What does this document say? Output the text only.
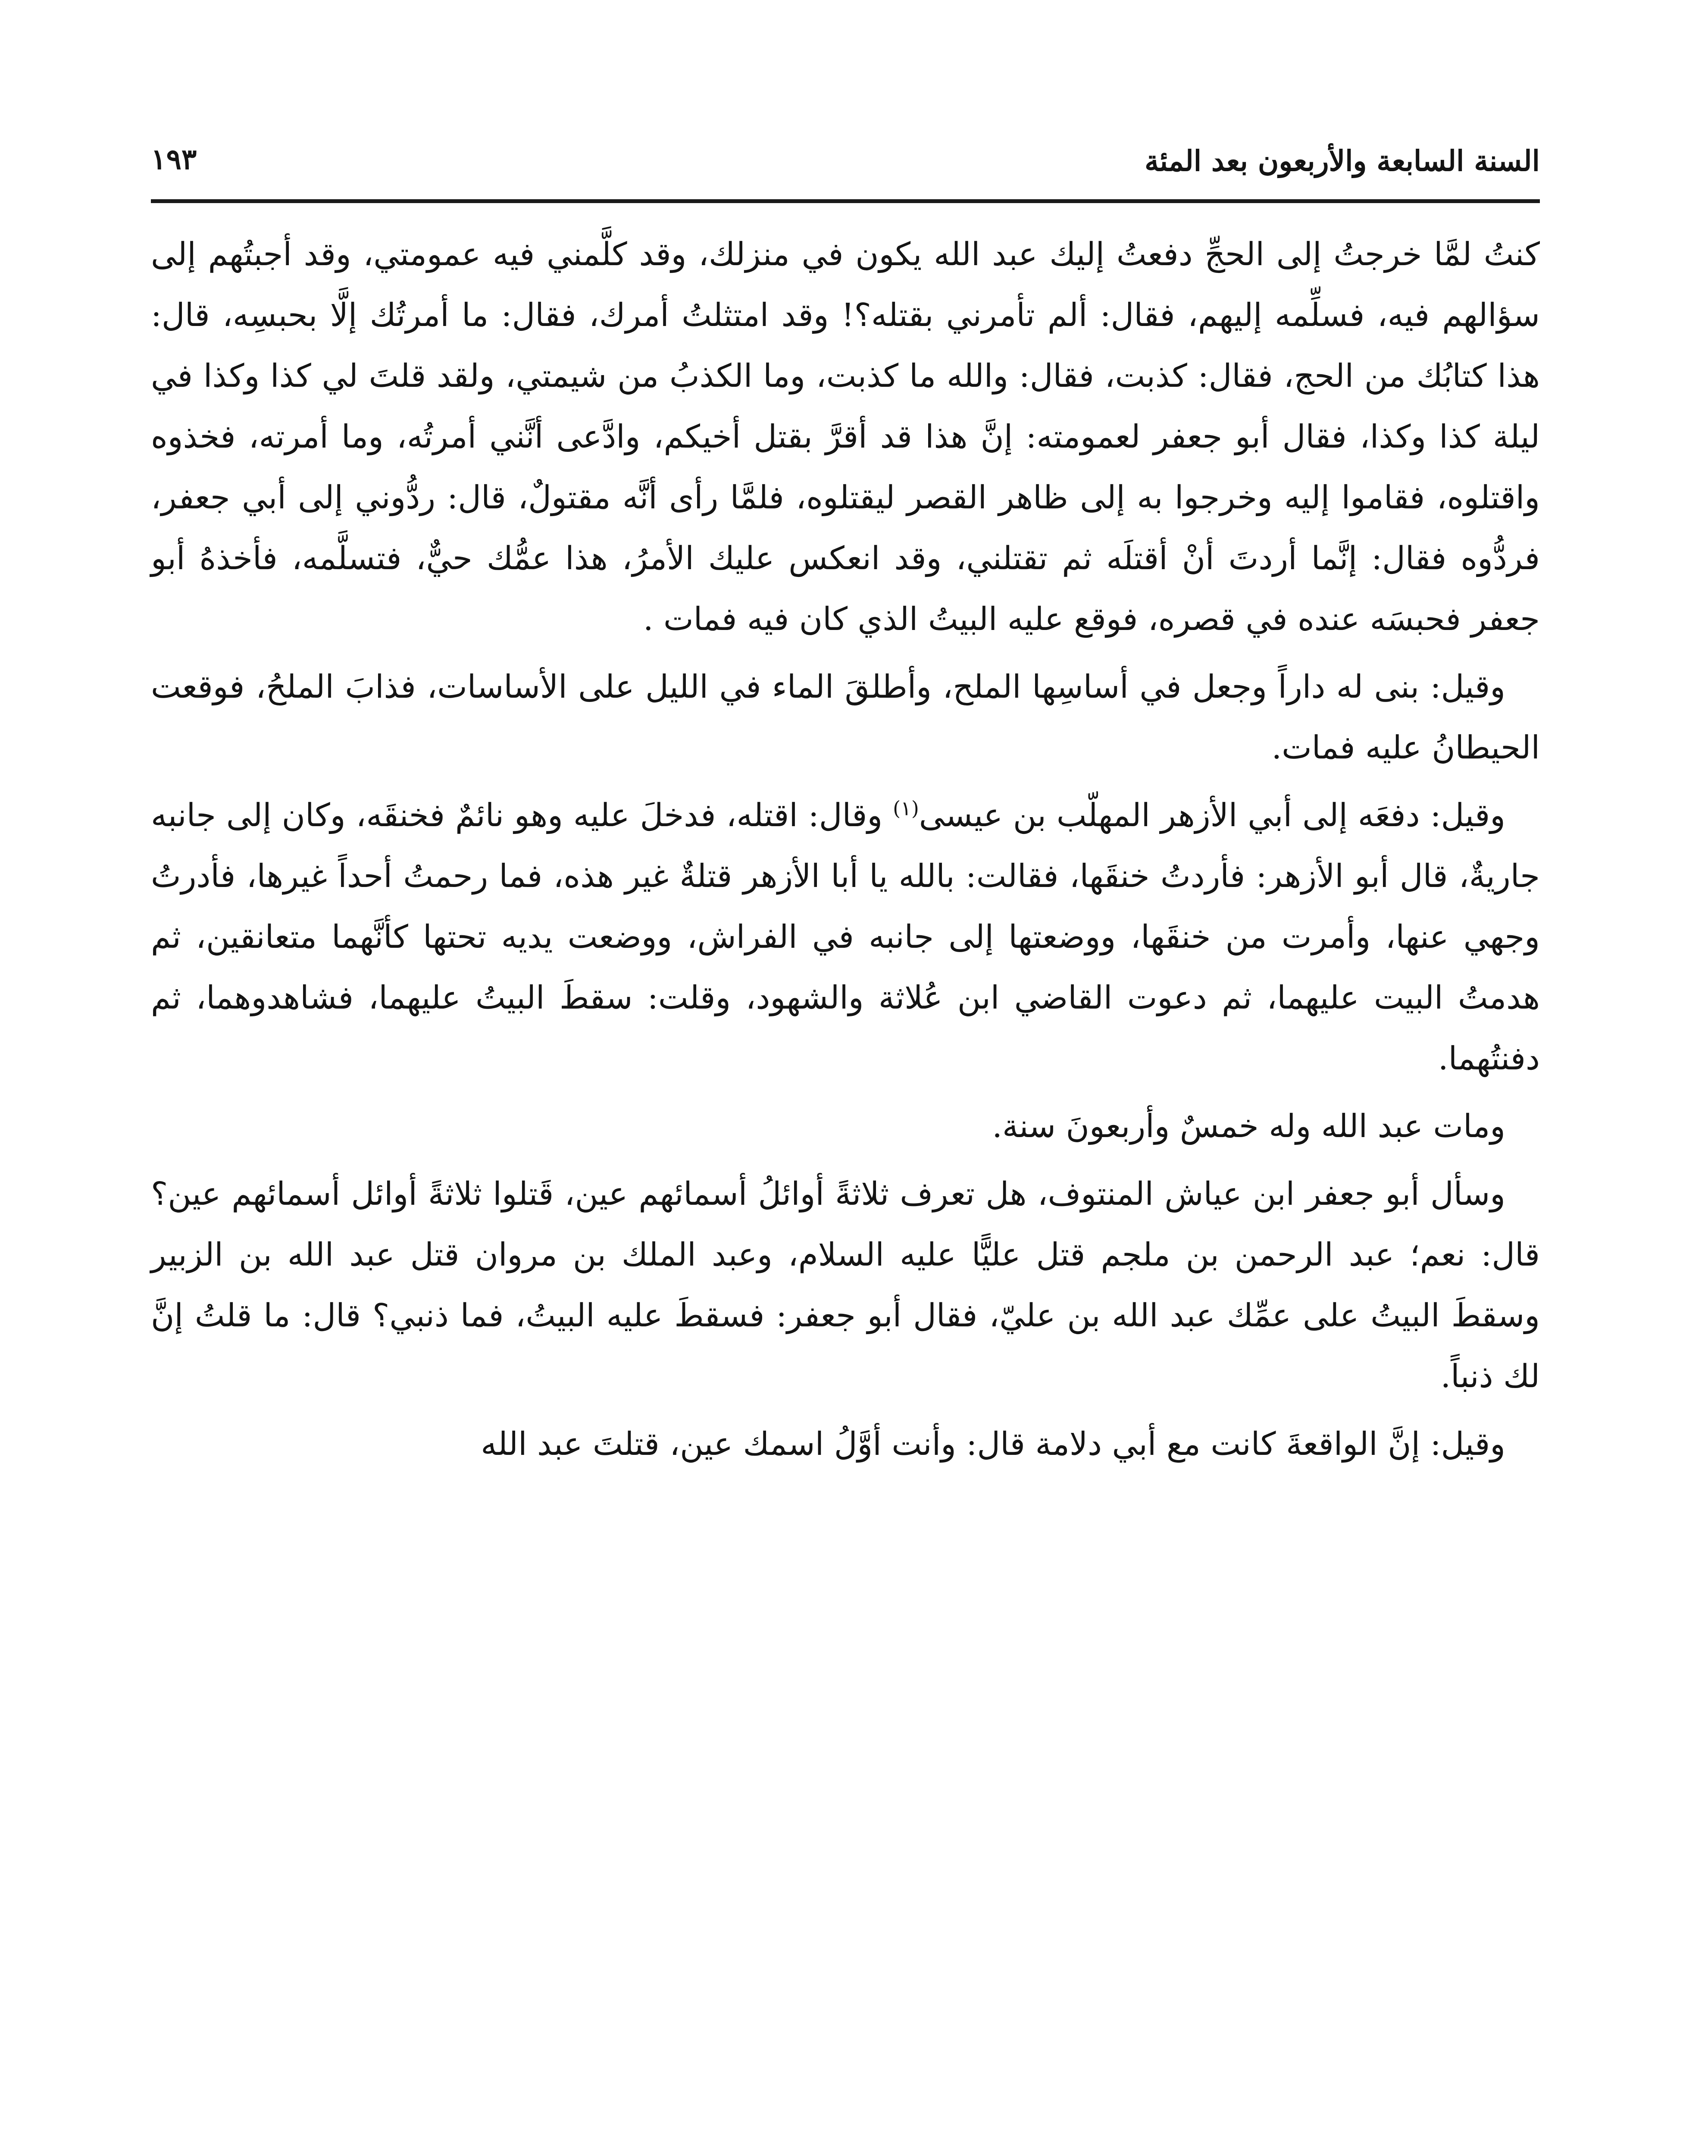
السنة السابعة والأربعون بعد المئة
١٩٣

كنتُ لمَّا خرجتُ إلى الحجِّ دفعتُ إليك عبد الله يكون في منزلك، وقد كلَّمني فيه عمومتي، وقد أجبتُهم إلى سؤالهم فيه، فسلِّمه إليهم، فقال: ألم تأمرني بقتله؟! وقد امتثلتُ أمرك، فقال: ما أمرتُك إلَّا بحبسِه، قال: هذا كتابُك من الحج، فقال: كذبت، فقال: والله ما كذبت، وما الكذبُ من شيمتي، ولقد قلتَ لي كذا وكذا في ليلة كذا وكذا، فقال أبو جعفر لعمومته: إنَّ هذا قد أقرَّ بقتل أخيكم، وادَّعى أنَّني أمرتُه، وما أمرته، فخذوه واقتلوه، فقاموا إليه وخرجوا به إلى ظاهر القصر ليقتلوه، فلمَّا رأى أنَّه مقتولٌ، قال: ردُّوني إلى أبي جعفر، فردُّوه فقال: إنَّما أردتَ أنْ أقتلَه ثم تقتلني، وقد انعكس عليك الأمرُ، هذا عمُّك حيٌّ، فتسلَّمه، فأخذهُ أبو جعفر فحبسَه عنده في قصره، فوقع عليه البيتُ الذي كان فيه فمات .

وقيل: بنى له داراً وجعل في أساسِها الملح، وأطلقَ الماء في الليل على الأساسات، فذابَ الملحُ، فوقعت الحيطانُ عليه فمات.

وقيل: دفعَه إلى أبي الأزهر المهلّب بن عيسى$^{(١)}$ وقال: اقتله، فدخلَ عليه وهو نائمٌ فخنقَه، وكان إلى جانبه جاريةٌ، قال أبو الأزهر: فأردتُ خنقَها، فقالت: بالله يا أبا الأزهر قتلةٌ غير هذه، فما رحمتُ أحداً غيرها، فأدرتُ وجهي عنها، وأمرت من خنقَها، ووضعتها إلى جانبه في الفراش، ووضعت يديه تحتها كأنَّهما متعانقين، ثم هدمتُ البيت عليهما، ثم دعوت القاضي ابن عُلاثة والشهود، وقلت: سقطَ البيتُ عليهما، فشاهدوهما، ثم دفنتُهما.

ومات عبد الله وله خمسٌ وأربعونَ سنة.

وسأل أبو جعفر ابن عياش المنتوف، هل تعرف ثلاثةً أوائلُ أسمائهم عين، قَتلوا ثلاثةً أوائل أسمائهم عين؟ قال: نعم؛ عبد الرحمن بن ملجم قتل عليًّا عليه السلام، وعبد الملك بن مروان قتل عبد الله بن الزبير وسقطَ البيتُ على عمِّك عبد الله بن عليّ، فقال أبو جعفر: فسقطَ عليه البيتُ، فما ذنبي؟ قال: ما قلتُ إنَّ لك ذنباً.

وقيل: إنَّ الواقعةَ كانت مع أبي دلامة قال: وأنت أوَّلُ اسمك عين، قتلتَ عبد الله
